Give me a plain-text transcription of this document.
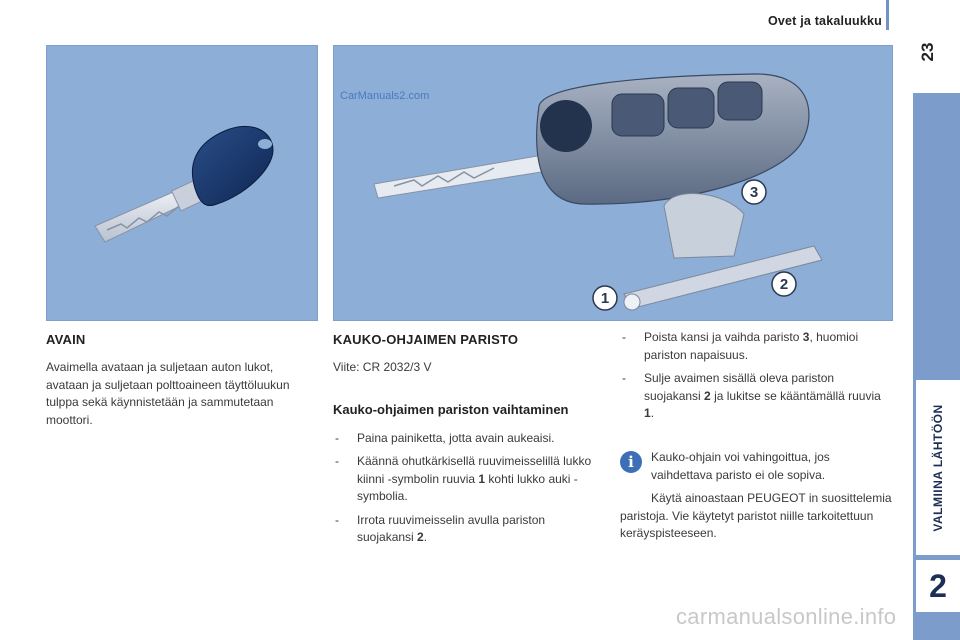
Ovet ja takaluukku
23
VALMIINA LÄHTÖÖN
2
1
2
3
CarManuals2.com
AVAIN

Avaimella avataan ja suljetaan auton lukot, avataan ja suljetaan polttoaineen täyttöluukun tulppa sekä käynnistetään ja sammutetaan moottori.

KAUKO-OHJAIMEN PARISTO

Viite: CR 2032/3 V

Kauko-ohjaimen pariston vaihtaminen
- Paina painiketta, jotta avain aukeaisi.
- Käännä ohutkärkisellä ruuvimeisselillä lukko kiinni -symbolin ruuvia 1 kohti lukko auki -symbolia.
- Irrota ruuvimeisselin avulla pariston suojakansi 2.
- Poista kansi ja vaihda paristo 3, huomioi pariston napaisuus.
- Sulje avaimen sisällä oleva pariston suojakansi 2 ja lukitse se kääntämällä ruuvia 1.
i	Kauko-ohjain voi vahingoittua, jos vaihdettava paristo ei ole sopiva.

Käytä ainoastaan PEUGEOT in suosittelemia paristoja. Vie käytetyt paristot niille tarkoitettuun keräyspisteeseen.

carmanualsonline.info
